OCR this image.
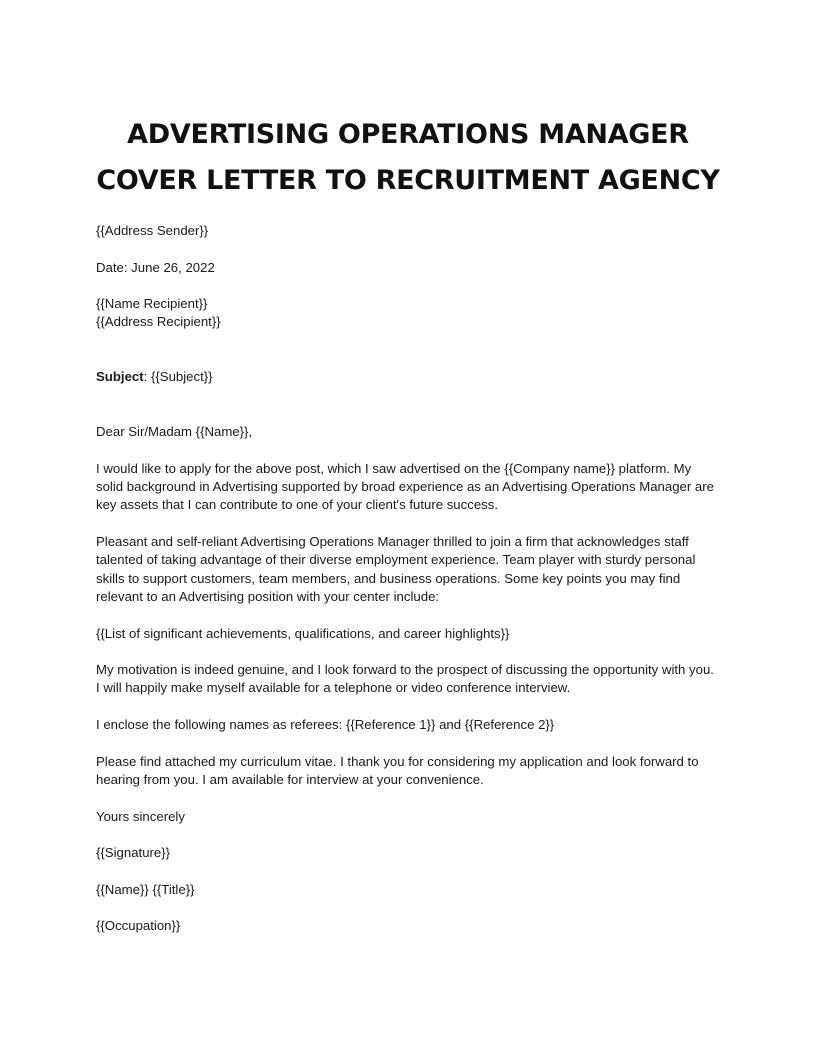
ADVERTISING OPERATIONS MANAGER
COVER LETTER TO RECRUITMENT AGENCY

{{Address Sender}}

Date: June 26, 2022

{{Name Recipient}}
{{Address Recipient}}

Subject: {{Subject}}

Dear Sir/Madam {{Name}},

I would like to apply for the above post, which I saw advertised on the {{Company name}} platform. My solid background in Advertising supported by broad experience as an Advertising Operations Manager are key assets that I can contribute to one of your client's future success.

Pleasant and self-reliant Advertising Operations Manager thrilled to join a firm that acknowledges staff talented of taking advantage of their diverse employment experience. Team player with sturdy personal skills to support customers, team members, and business operations. Some key points you may find relevant to an Advertising position with your center include:

{{List of significant achievements, qualifications, and career highlights}}

My motivation is indeed genuine, and I look forward to the prospect of discussing the opportunity with you. I will happily make myself available for a telephone or video conference interview.

I enclose the following names as referees: {{Reference 1}} and {{Reference 2}}

Please find attached my curriculum vitae. I thank you for considering my application and look forward to hearing from you. I am available for interview at your convenience.

Yours sincerely

{{Signature}}

{{Name}} {{Title}}

{{Occupation}}
